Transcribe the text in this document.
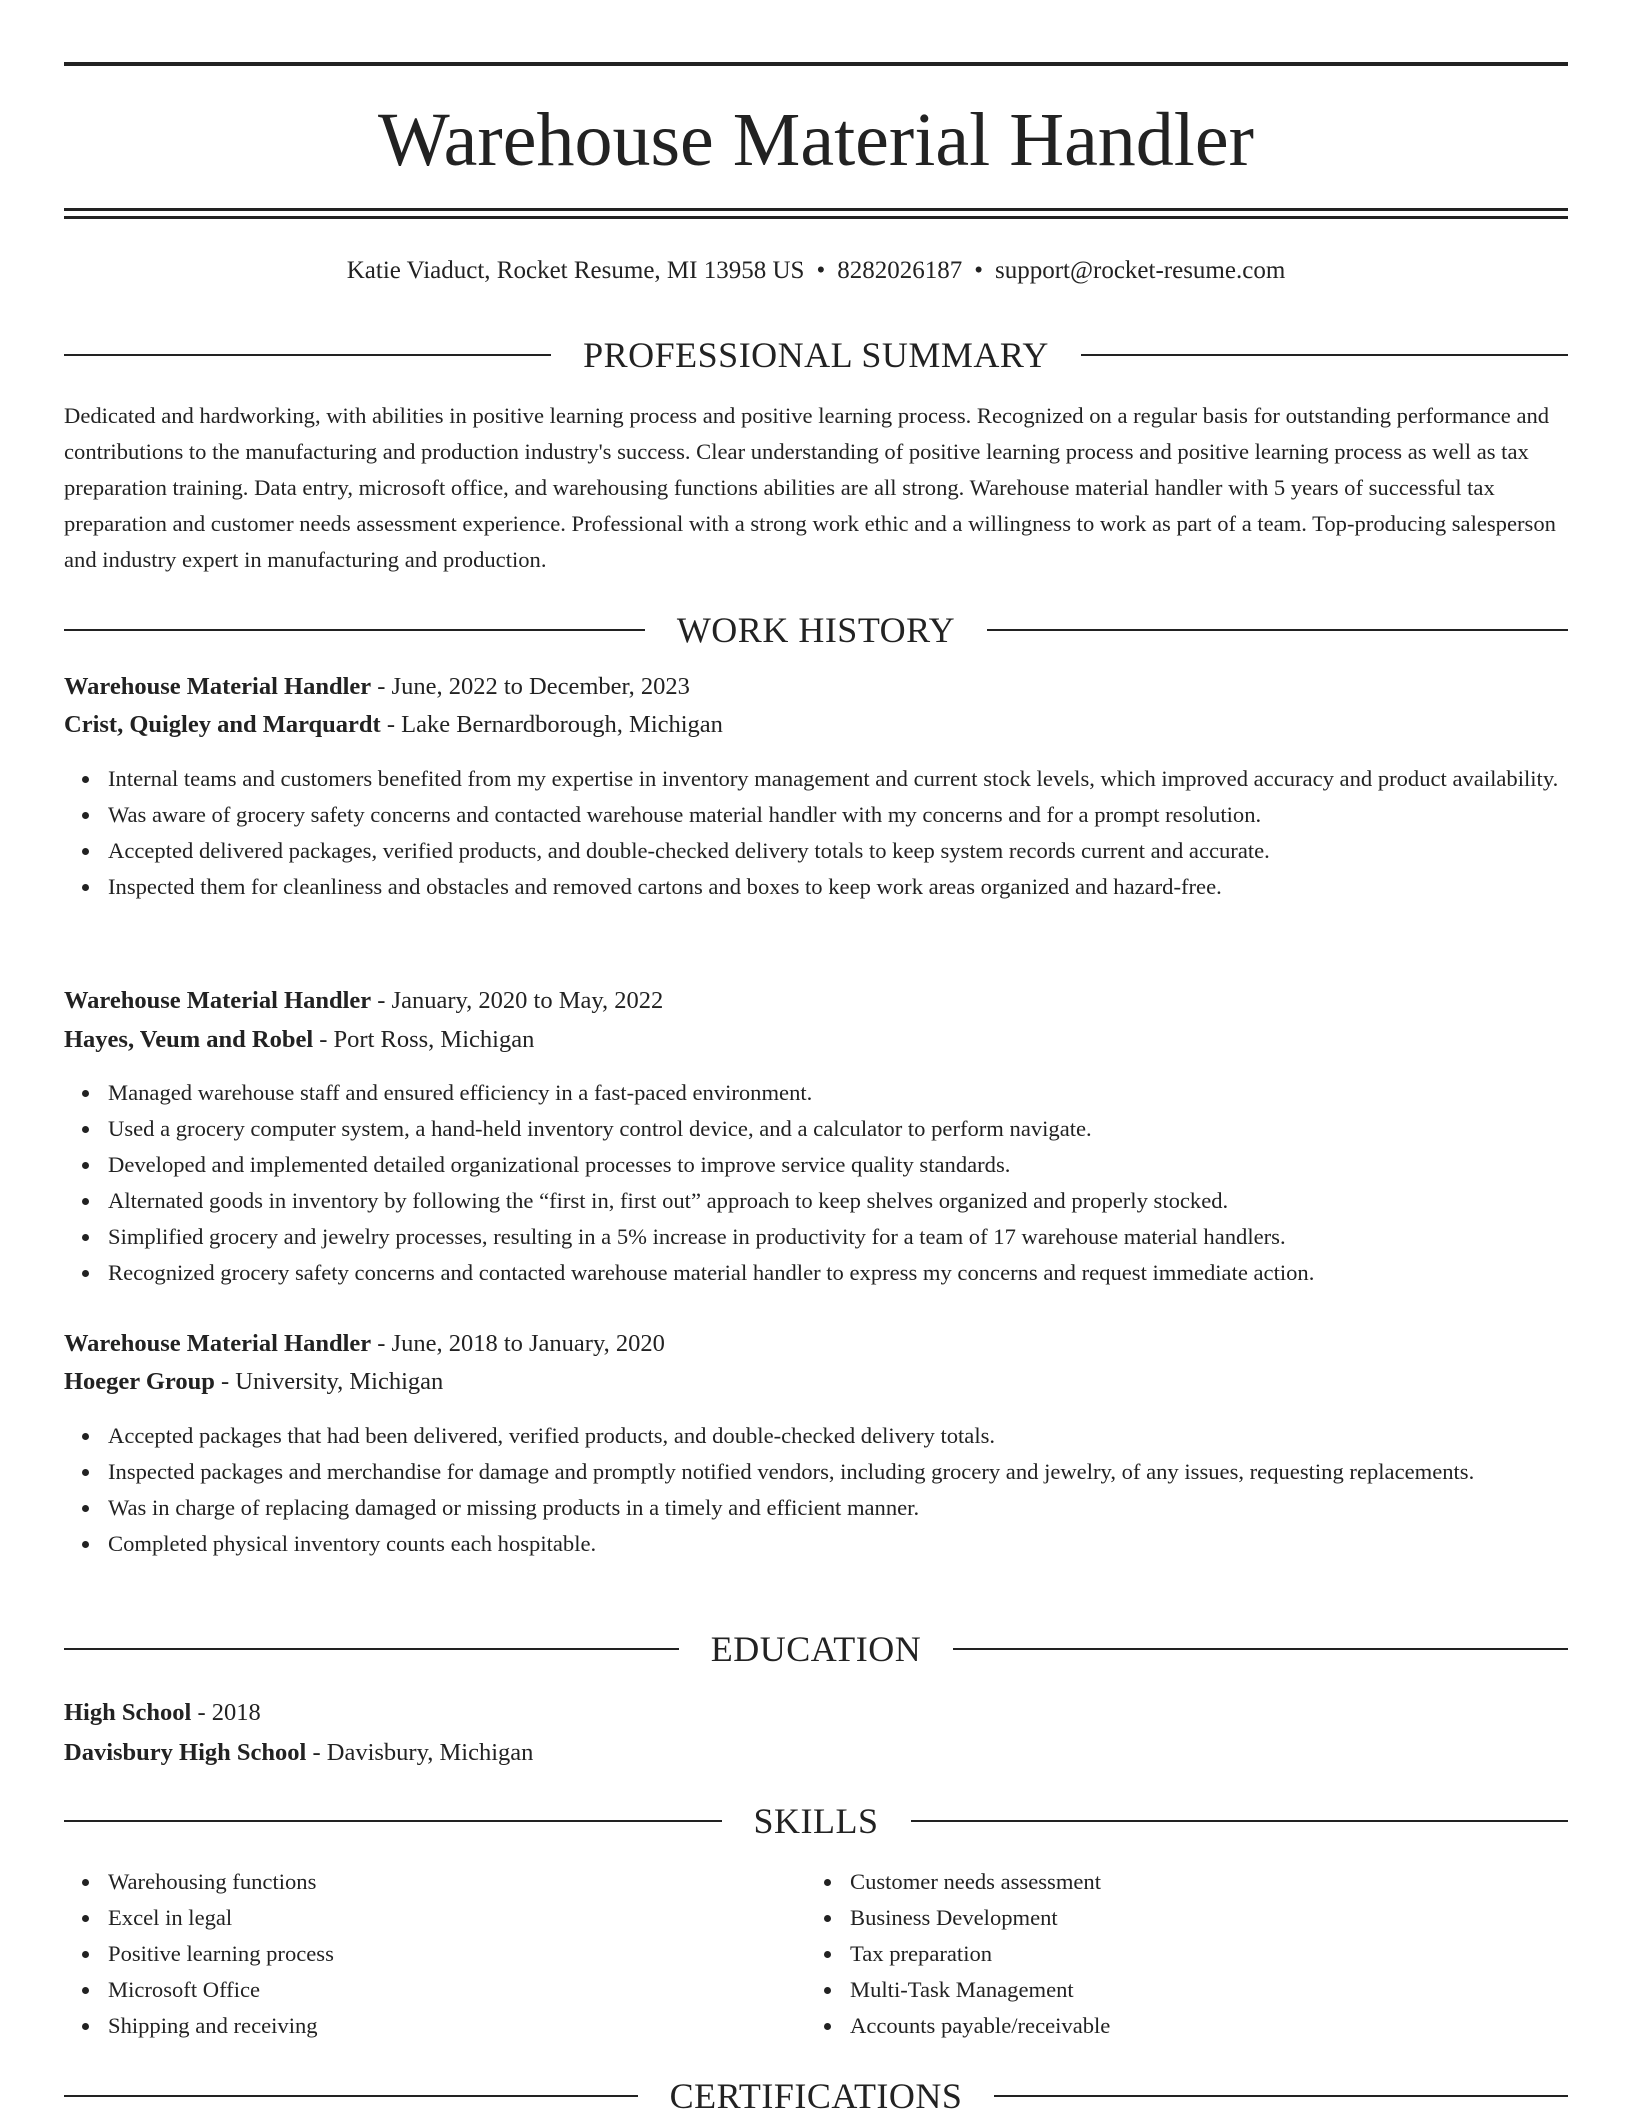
Warehouse Material Handler
Katie Viaduct, Rocket Resume, MI 13958 US • 8282026187 • support@rocket-resume.com
PROFESSIONAL SUMMARY

Dedicated and hardworking, with abilities in positive learning process and positive learning process. Recognized on a regular basis for outstanding performance and contributions to the manufacturing and production industry's success. Clear understanding of positive learning process and positive learning process as well as tax preparation training. Data entry, microsoft office, and warehousing functions abilities are all strong. Warehouse material handler with 5 years of successful tax preparation and customer needs assessment experience. Professional with a strong work ethic and a willingness to work as part of a team. Top-producing salesperson and industry expert in manufacturing and production.

WORK HISTORY
Warehouse Material Handler - June, 2022 to December, 2023
Crist, Quigley and Marquardt - Lake Bernardborough, Michigan
Internal teams and customers benefited from my expertise in inventory management and current stock levels, which improved accuracy and product availability.
Was aware of grocery safety concerns and contacted warehouse material handler with my concerns and for a prompt resolution.
Accepted delivered packages, verified products, and double-checked delivery totals to keep system records current and accurate.
Inspected them for cleanliness and obstacles and removed cartons and boxes to keep work areas organized and hazard-free.
Warehouse Material Handler - January, 2020 to May, 2022
Hayes, Veum and Robel - Port Ross, Michigan
Managed warehouse staff and ensured efficiency in a fast-paced environment.
Used a grocery computer system, a hand-held inventory control device, and a calculator to perform navigate.
Developed and implemented detailed organizational processes to improve service quality standards.
Alternated goods in inventory by following the “first in, first out” approach to keep shelves organized and properly stocked.
Simplified grocery and jewelry processes, resulting in a 5% increase in productivity for a team of 17 warehouse material handlers.
Recognized grocery safety concerns and contacted warehouse material handler to express my concerns and request immediate action.
Warehouse Material Handler - June, 2018 to January, 2020
Hoeger Group - University, Michigan
Accepted packages that had been delivered, verified products, and double-checked delivery totals.
Inspected packages and merchandise for damage and promptly notified vendors, including grocery and jewelry, of any issues, requesting replacements.
Was in charge of replacing damaged or missing products in a timely and efficient manner.
Completed physical inventory counts each hospitable.
EDUCATION
High School - 2018
Davisbury High School - Davisbury, Michigan
SKILLS
Warehousing functions
Excel in legal
Positive learning process
Microsoft Office
Shipping and receiving
Customer needs assessment
Business Development
Tax preparation
Multi-Task Management
Accounts payable/receivable
CERTIFICATIONS
